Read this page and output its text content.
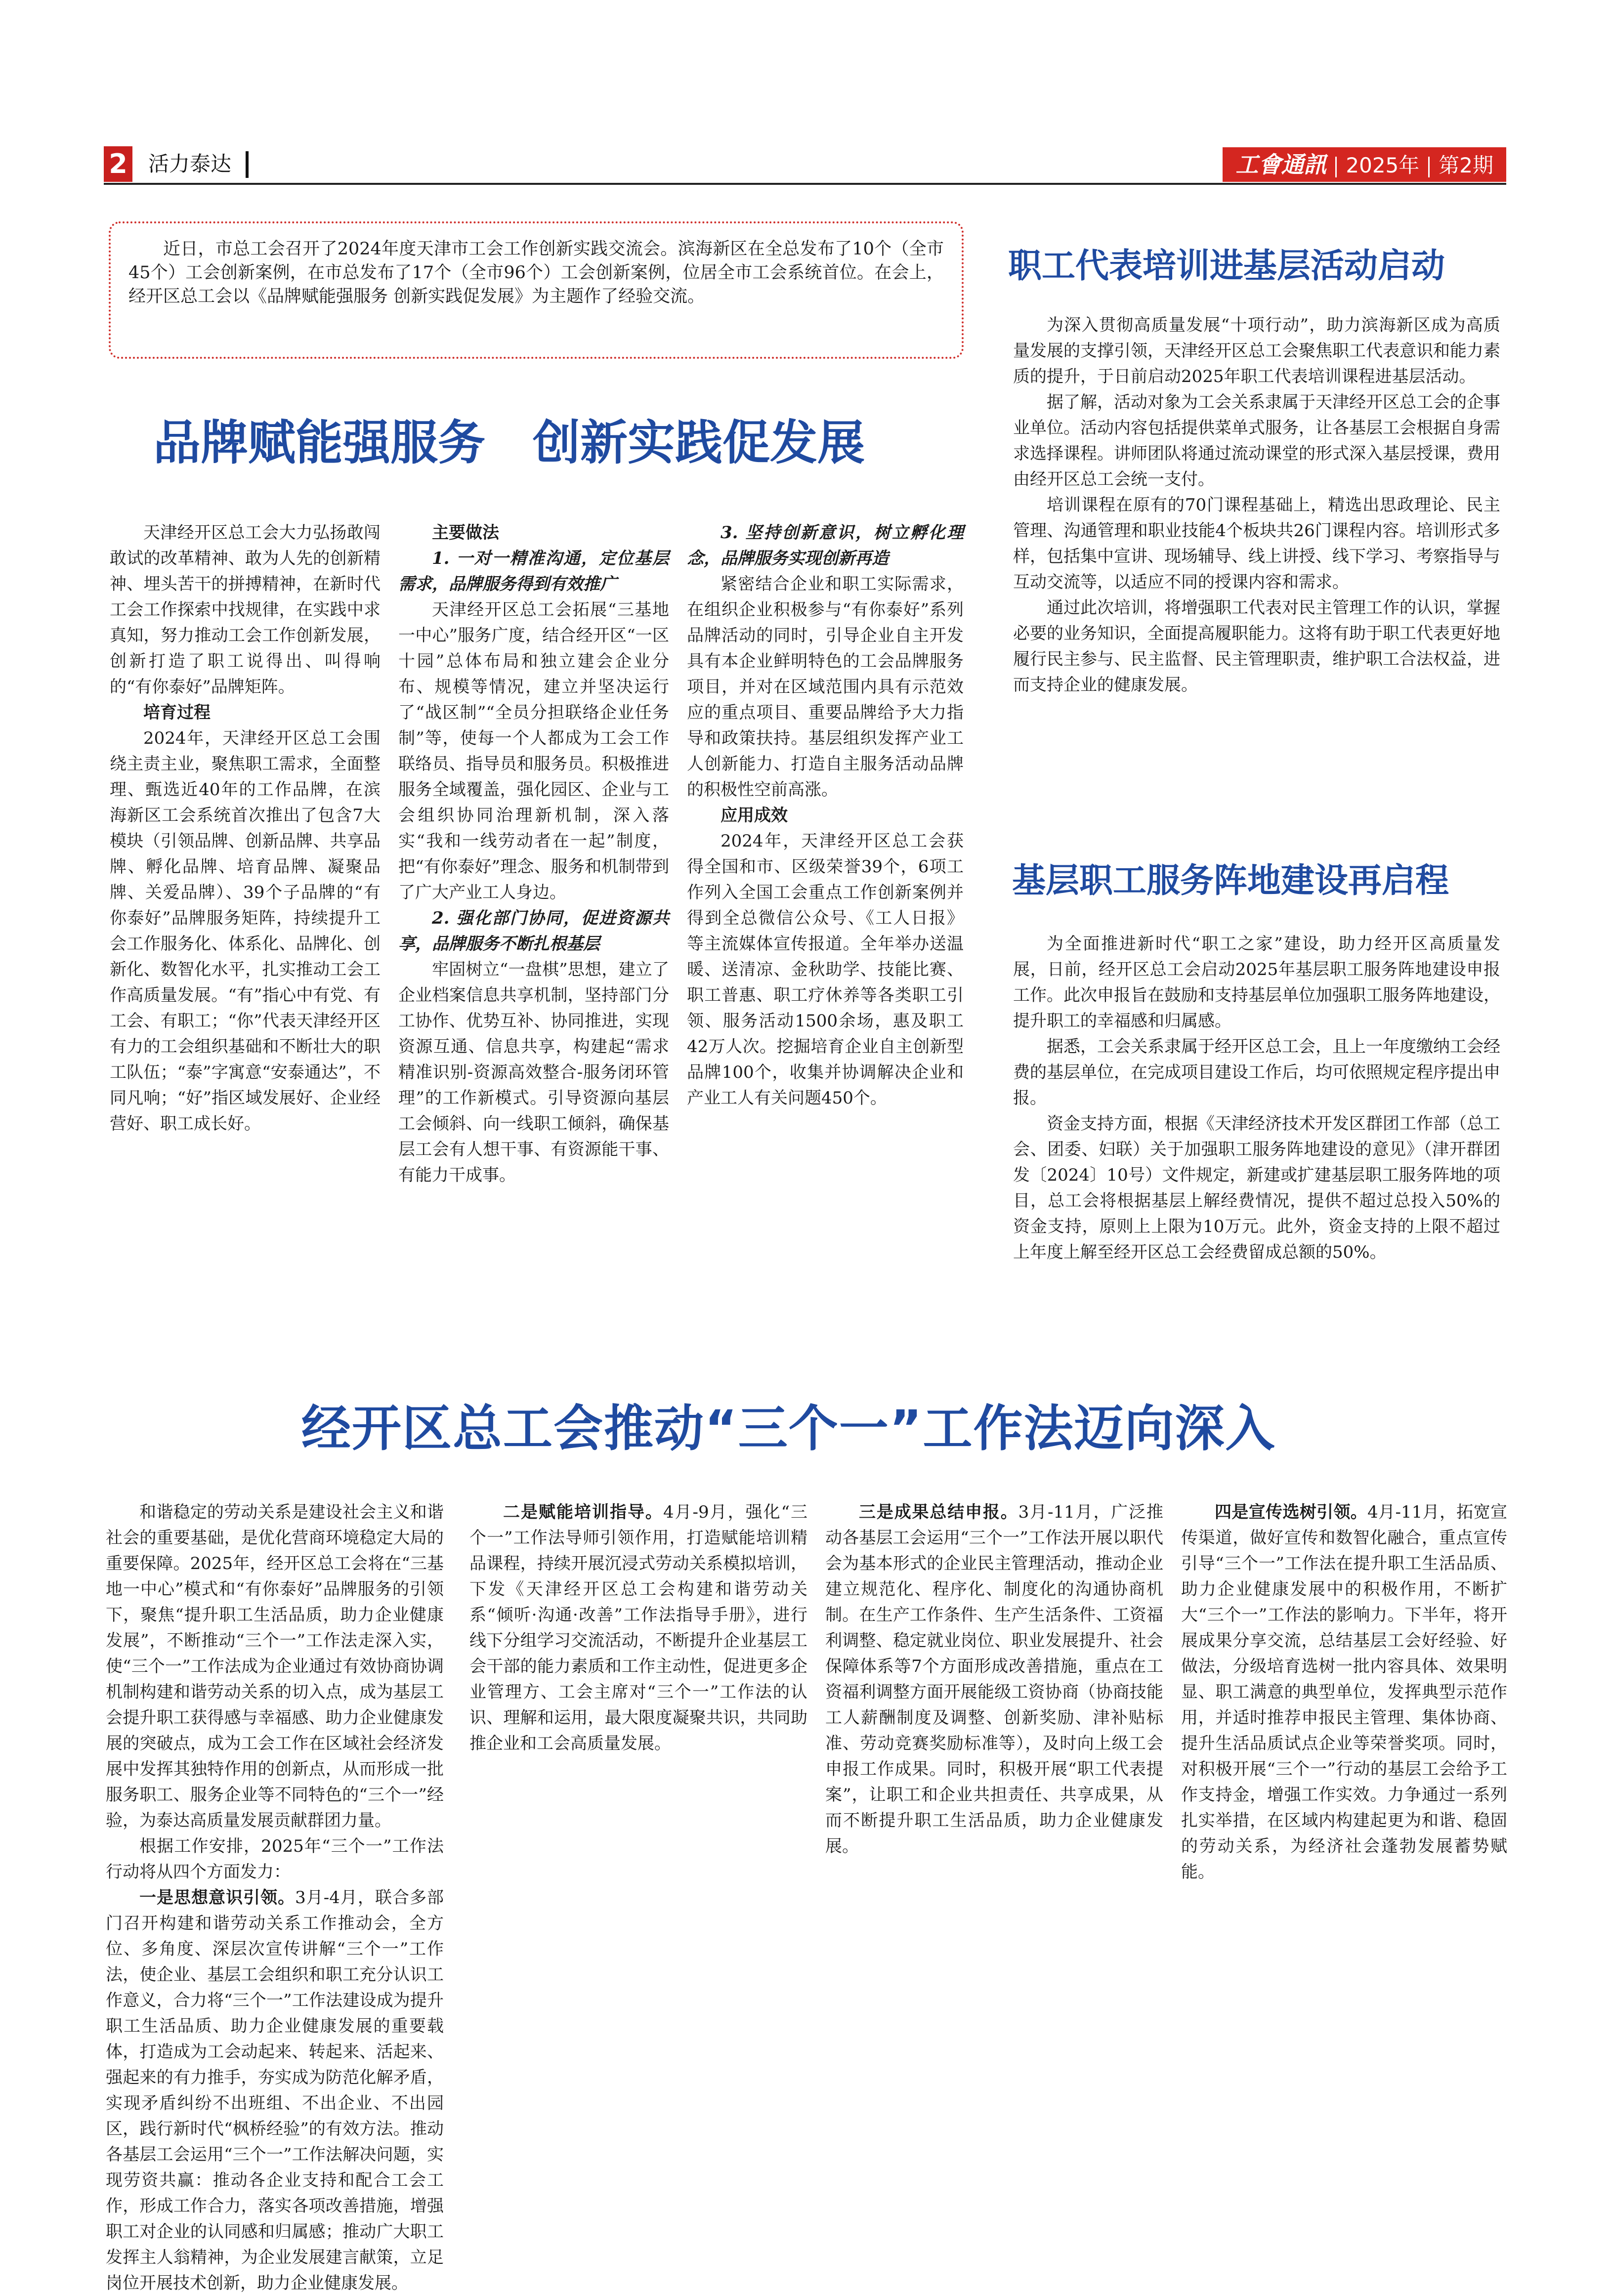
2 活力泰达	工會通訊 2025年 第2期

近日，市总工会召开了2024年度天津市工会工作创新实践交流会。滨海新区在全总发布了10个（全市45个）工会创新案例，在市总发布了17个（全市96个）工会创新案例，位居全市工会系统首位。在会上，经开区总工会以《品牌赋能强服务 创新实践促发展》为主题作了经验交流。

品牌赋能强服务　创新实践促发展

天津经开区总工会大力弘扬敢闯敢试的改革精神、敢为人先的创新精神、埋头苦干的拼搏精神，在新时代工会工作探索中找规律，在实践中求真知，努力推动工会工作创新发展，创新打造了职工说得出、叫得响的“有你泰好”品牌矩阵。

培育过程

2024年，天津经开区总工会围绕主责主业，聚焦职工需求，全面整理、甄选近40年的工作品牌，在滨海新区工会系统首次推出了包含7大模块（引领品牌、创新品牌、共享品牌、孵化品牌、培育品牌、凝聚品牌、关爱品牌）、39个子品牌的“有你泰好”品牌服务矩阵，持续提升工会工作服务化、体系化、品牌化、创新化、数智化水平，扎实推动工会工作高质量发展。“有”指心中有党、有工会、有职工；“你”代表天津经开区有力的工会组织基础和不断壮大的职工队伍；“泰”字寓意“安泰通达”，不同凡响；“好”指区域发展好、企业经营好、职工成长好。

主要做法

1. 一对一精准沟通，定位基层需求，品牌服务得到有效推广

天津经开区总工会拓展“三基地一中心”服务广度，结合经开区“一区十园”总体布局和独立建会企业分布、规模等情况，建立并坚决运行了“战区制”“全员分担联络企业任务制”等，使每一个人都成为工会工作联络员、指导员和服务员。积极推进服务全域覆盖，强化园区、企业与工会组织协同治理新机制，深入落实“我和一线劳动者在一起”制度，把“有你泰好”理念、服务和机制带到了广大产业工人身边。

2. 强化部门协同，促进资源共享，品牌服务不断扎根基层

牢固树立“一盘棋”思想，建立了企业档案信息共享机制，坚持部门分工协作、优势互补、协同推进，实现资源互通、信息共享，构建起“需求精准识别-资源高效整合-服务闭环管理”的工作新模式。引导资源向基层工会倾斜、向一线职工倾斜，确保基层工会有人想干事、有资源能干事、有能力干成事。

3. 坚持创新意识，树立孵化理念，品牌服务实现创新再造

紧密结合企业和职工实际需求，在组织企业积极参与“有你泰好”系列品牌活动的同时，引导企业自主开发具有本企业鲜明特色的工会品牌服务项目，并对在区域范围内具有示范效应的重点项目、重要品牌给予大力指导和政策扶持。基层组织发挥产业工人创新能力、打造自主服务活动品牌的积极性空前高涨。

应用成效

2024年，天津经开区总工会获得全国和市、区级荣誉39个，6项工作列入全国工会重点工作创新案例并得到全总微信公众号、《工人日报》等主流媒体宣传报道。全年举办送温暖、送清凉、金秋助学、技能比赛、职工普惠、职工疗休养等各类职工引领、服务活动1500余场，惠及职工42万人次。挖掘培育企业自主创新型品牌100个，收集并协调解决企业和产业工人有关问题450个。

职工代表培训进基层活动启动

为深入贯彻高质量发展“十项行动”，助力滨海新区成为高质量发展的支撑引领，天津经开区总工会聚焦职工代表意识和能力素质的提升，于日前启动2025年职工代表培训课程进基层活动。

据了解，活动对象为工会关系隶属于天津经开区总工会的企事业单位。活动内容包括提供菜单式服务，让各基层工会根据自身需求选择课程。讲师团队将通过流动课堂的形式深入基层授课，费用由经开区总工会统一支付。

培训课程在原有的70门课程基础上，精选出思政理论、民主管理、沟通管理和职业技能4个板块共26门课程内容。培训形式多样，包括集中宣讲、现场辅导、线上讲授、线下学习、考察指导与互动交流等，以适应不同的授课内容和需求。

通过此次培训，将增强职工代表对民主管理工作的认识，掌握必要的业务知识，全面提高履职能力。这将有助于职工代表更好地履行民主参与、民主监督、民主管理职责，维护职工合法权益，进而支持企业的健康发展。

基层职工服务阵地建设再启程

为全面推进新时代“职工之家”建设，助力经开区高质量发展，日前，经开区总工会启动2025年基层职工服务阵地建设申报工作。此次申报旨在鼓励和支持基层单位加强职工服务阵地建设，提升职工的幸福感和归属感。

据悉，工会关系隶属于经开区总工会，且上一年度缴纳工会经费的基层单位，在完成项目建设工作后，均可依照规定程序提出申报。

资金支持方面，根据《天津经济技术开发区群团工作部（总工会、团委、妇联）关于加强职工服务阵地建设的意见》（津开群团发〔2024〕10号）文件规定，新建或扩建基层职工服务阵地的项目，总工会将根据基层上解经费情况，提供不超过总投入50%的资金支持，原则上上限为10万元。此外，资金支持的上限不超过上年度上解至经开区总工会经费留成总额的50%。

经开区总工会推动“三个一”工作法迈向深入

和谐稳定的劳动关系是建设社会主义和谐社会的重要基础，是优化营商环境稳定大局的重要保障。2025年，经开区总工会将在“三基地一中心”模式和“有你泰好”品牌服务的引领下，聚焦“提升职工生活品质，助力企业健康发展”，不断推动“三个一”工作法走深入实，使“三个一”工作法成为企业通过有效协商协调机制构建和谐劳动关系的切入点，成为基层工会提升职工获得感与幸福感、助力企业健康发展的突破点，成为工会工作在区域社会经济发展中发挥其独特作用的创新点，从而形成一批服务职工、服务企业等不同特色的“三个一”经验，为泰达高质量发展贡献群团力量。

根据工作安排，2025年“三个一”工作法行动将从四个方面发力：

一是思想意识引领。3月-4月，联合多部门召开构建和谐劳动关系工作推动会，全方位、多角度、深层次宣传讲解“三个一”工作法，使企业、基层工会组织和职工充分认识工作意义，合力将“三个一”工作法建设成为提升职工生活品质、助力企业健康发展的重要载体，打造成为工会动起来、转起来、活起来、强起来的有力推手，夯实成为防范化解矛盾，实现矛盾纠纷不出班组、不出企业、不出园区，践行新时代“枫桥经验”的有效方法。推动各基层工会运用“三个一”工作法解决问题，实现劳资共赢：推动各企业支持和配合工会工作，形成工作合力，落实各项改善措施，增强职工对企业的认同感和归属感；推动广大职工发挥主人翁精神，为企业发展建言献策，立足岗位开展技术创新，助力企业健康发展。

二是赋能培训指导。4月-9月，强化“三个一”工作法导师引领作用，打造赋能培训精品课程，持续开展沉浸式劳动关系模拟培训，下发《天津经开区总工会构建和谐劳动关系“倾听·沟通·改善”工作法指导手册》，进行线下分组学习交流活动，不断提升企业基层工会干部的能力素质和工作主动性，促进更多企业管理方、工会主席对“三个一”工作法的认识、理解和运用，最大限度凝聚共识，共同助推企业和工会高质量发展。

三是成果总结申报。3月-11月，广泛推动各基层工会运用“三个一”工作法开展以职代会为基本形式的企业民主管理活动，推动企业建立规范化、程序化、制度化的沟通协商机制。在生产工作条件、生产生活条件、工资福利调整、稳定就业岗位、职业发展提升、社会保障体系等7个方面形成改善措施，重点在工资福利调整方面开展能级工资协商（协商技能工人薪酬制度及调整、创新奖励、津补贴标准、劳动竞赛奖励标准等），及时向上级工会申报工作成果。同时，积极开展“职工代表提案”，让职工和企业共担责任、共享成果，从而不断提升职工生活品质，助力企业健康发展。

四是宣传选树引领。4月-11月，拓宽宣传渠道，做好宣传和数智化融合，重点宣传引导“三个一”工作法在提升职工生活品质、助力企业健康发展中的积极作用，不断扩大“三个一”工作法的影响力。下半年，将开展成果分享交流，总结基层工会好经验、好做法，分级培育选树一批内容具体、效果明显、职工满意的典型单位，发挥典型示范作用，并适时推荐申报民主管理、集体协商、提升生活品质试点企业等荣誉奖项。同时，对积极开展“三个一”行动的基层工会给予工作支持金，增强工作实效。力争通过一系列扎实举措，在区域内构建起更为和谐、稳固的劳动关系，为经济社会蓬勃发展蓄势赋能。
